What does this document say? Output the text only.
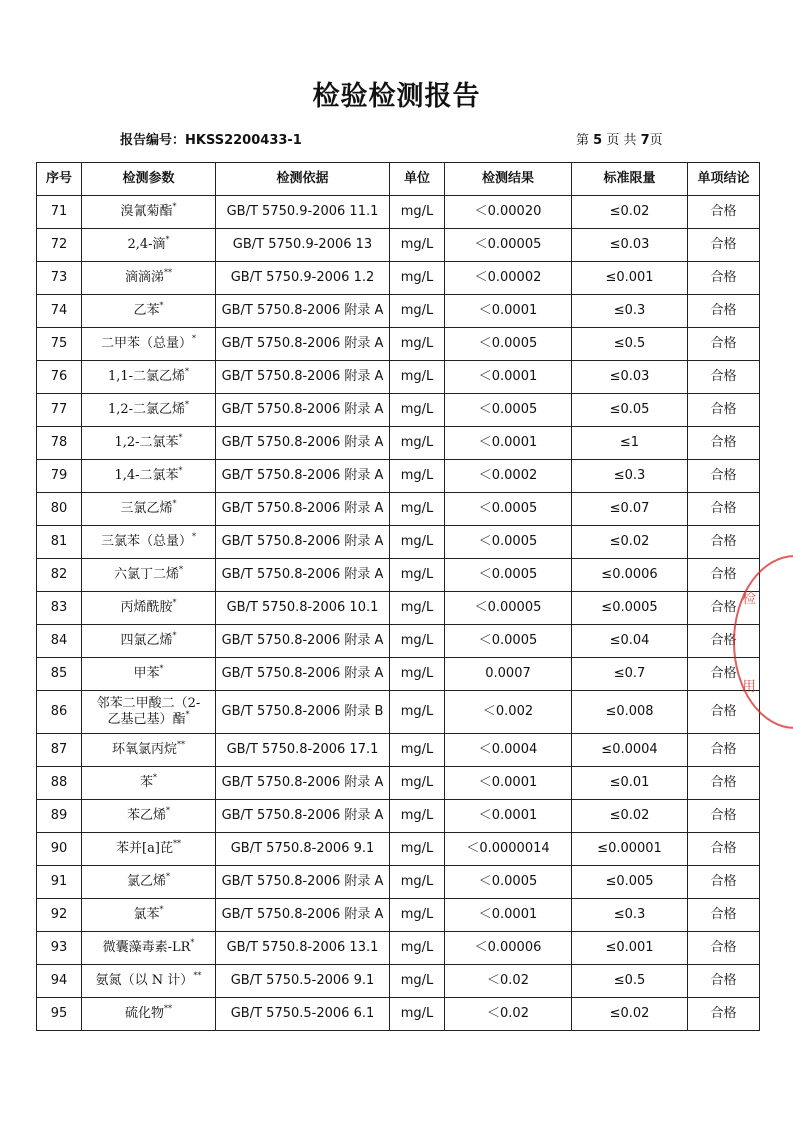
检验检测报告
报告编号：HKSS2200433-1	第 5 页 共 7页
序号	检测参数	检测依据	单位	检测结果	标准限量	单项结论
71	溴氰菊酯*	GB/T 5750.9-2006 11.1	mg/L	＜0.00020	≤0.02	合格
72	2,4-滴*	GB/T 5750.9-2006 13	mg/L	＜0.00005	≤0.03	合格
73	滴滴涕**	GB/T 5750.9-2006 1.2	mg/L	＜0.00002	≤0.001	合格
74	乙苯*	GB/T 5750.8-2006 附录 A	mg/L	＜0.0001	≤0.3	合格
75	二甲苯（总量）*	GB/T 5750.8-2006 附录 A	mg/L	＜0.0005	≤0.5	合格
76	1,1-二氯乙烯*	GB/T 5750.8-2006 附录 A	mg/L	＜0.0001	≤0.03	合格
77	1,2-二氯乙烯*	GB/T 5750.8-2006 附录 A	mg/L	＜0.0005	≤0.05	合格
78	1,2-二氯苯*	GB/T 5750.8-2006 附录 A	mg/L	＜0.0001	≤1	合格
79	1,4-二氯苯*	GB/T 5750.8-2006 附录 A	mg/L	＜0.0002	≤0.3	合格
80	三氯乙烯*	GB/T 5750.8-2006 附录 A	mg/L	＜0.0005	≤0.07	合格
81	三氯苯（总量）*	GB/T 5750.8-2006 附录 A	mg/L	＜0.0005	≤0.02	合格
82	六氯丁二烯*	GB/T 5750.8-2006 附录 A	mg/L	＜0.0005	≤0.0006	合格
83	丙烯酰胺*	GB/T 5750.8-2006 10.1	mg/L	＜0.00005	≤0.0005	合格
84	四氯乙烯*	GB/T 5750.8-2006 附录 A	mg/L	＜0.0005	≤0.04	合格
85	甲苯*	GB/T 5750.8-2006 附录 A	mg/L	0.0007	≤0.7	合格
86	邻苯二甲酸二（2-
乙基己基）酯*	GB/T 5750.8-2006 附录 B	mg/L	＜0.002	≤0.008	合格
87	环氧氯丙烷**	GB/T 5750.8-2006 17.1	mg/L	＜0.0004	≤0.0004	合格
88	苯*	GB/T 5750.8-2006 附录 A	mg/L	＜0.0001	≤0.01	合格
89	苯乙烯*	GB/T 5750.8-2006 附录 A	mg/L	＜0.0001	≤0.02	合格
90	苯并[a]芘**	GB/T 5750.8-2006 9.1	mg/L	＜0.0000014	≤0.00001	合格
91	氯乙烯*	GB/T 5750.8-2006 附录 A	mg/L	＜0.0005	≤0.005	合格
92	氯苯*	GB/T 5750.8-2006 附录 A	mg/L	＜0.0001	≤0.3	合格
93	微囊藻毒素-LR*	GB/T 5750.8-2006 13.1	mg/L	＜0.00006	≤0.001	合格
94	氨氮（以 N 计）**	GB/T 5750.5-2006 9.1	mg/L	＜0.02	≤0.5	合格
95	硫化物**	GB/T 5750.5-2006 6.1	mg/L	＜0.02	≤0.02	合格
检
用
